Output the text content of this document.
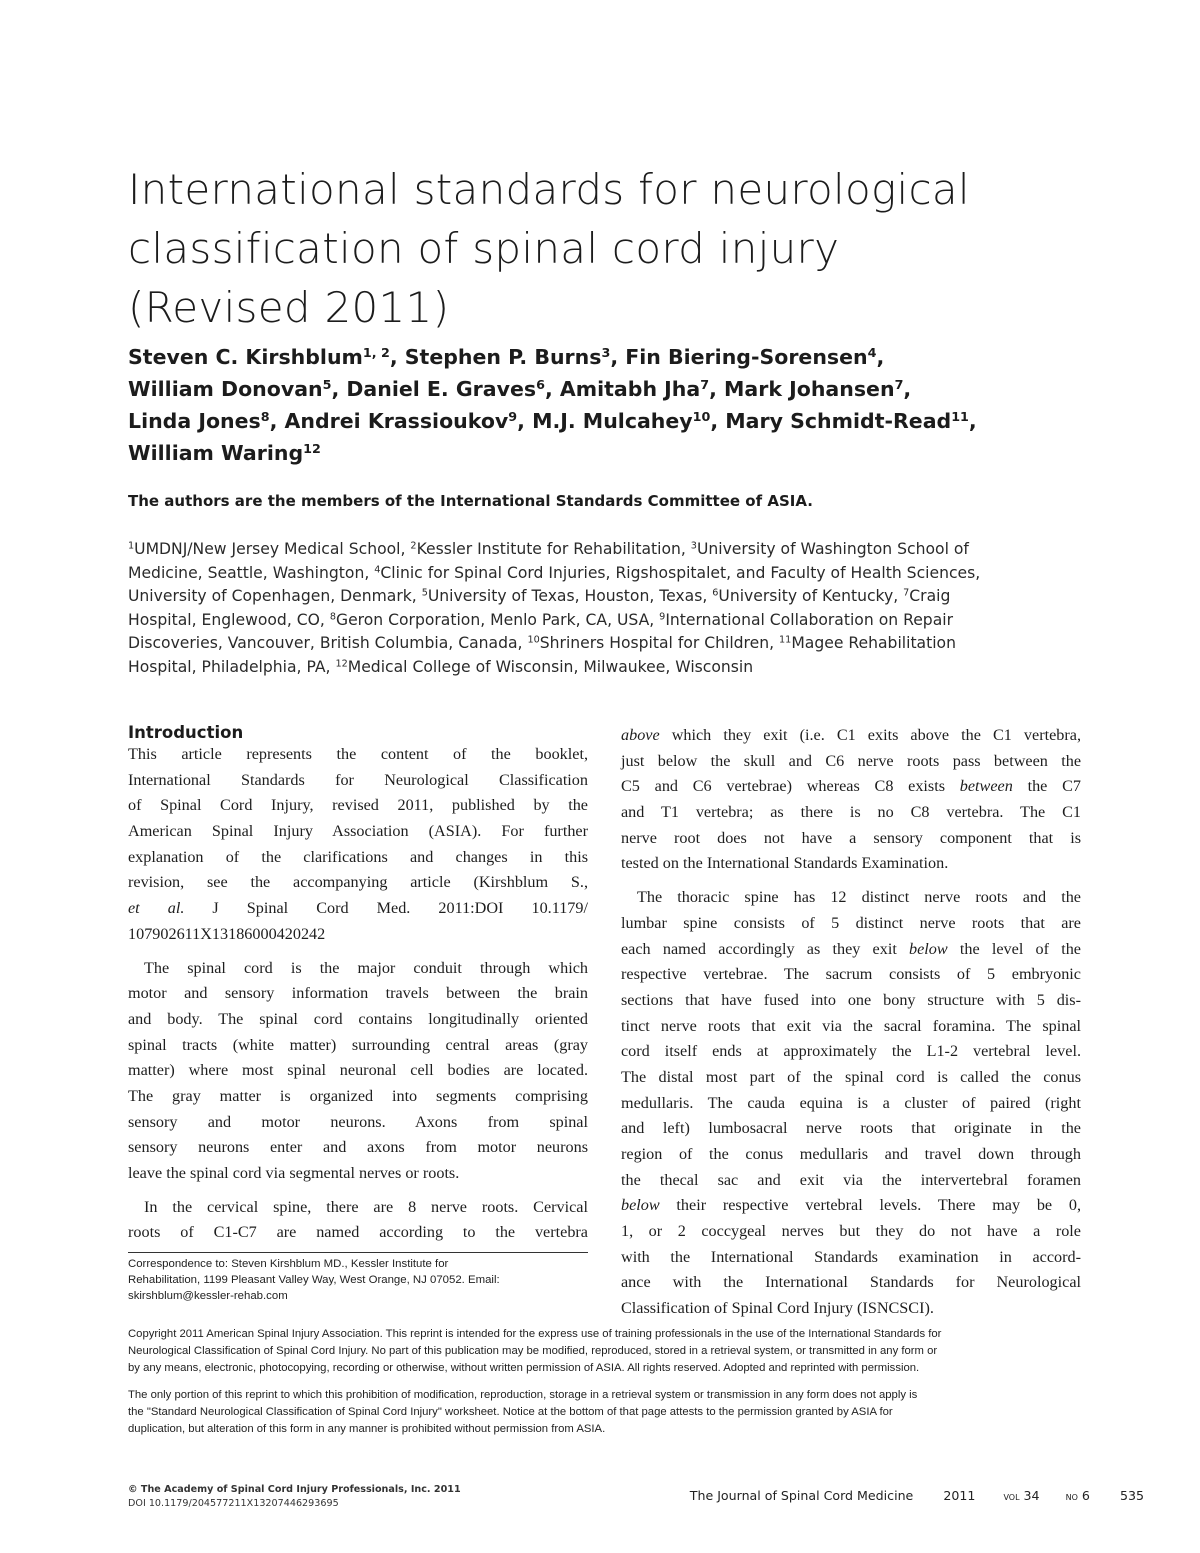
International standards for neurological
classification of spinal cord injury
(Revised 2011)
Steven C. Kirshblum$^{1, 2}$, Stephen P. Burns$^3$, Fin Biering-Sorensen$^4$,
William Donovan$^5$, Daniel E. Graves$^6$, Amitabh Jha$^7$, Mark Johansen$^7$,
Linda Jones$^8$, Andrei Krassioukov$^9$, M.J. Mulcahey$^{10}$, Mary Schmidt-Read$^{11}$,
William Waring$^{12}$
The authors are the members of the International Standards Committee of ASIA.
$^1$UMDNJ/New Jersey Medical School, $^2$Kessler Institute for Rehabilitation, $^3$University of Washington School of
Medicine, Seattle, Washington, $^4$Clinic for Spinal Cord Injuries, Rigshospitalet, and Faculty of Health Sciences,
University of Copenhagen, Denmark, $^5$University of Texas, Houston, Texas, $^6$University of Kentucky, $^7$Craig
Hospital, Englewood, CO, $^8$Geron Corporation, Menlo Park, CA, USA, $^9$International Collaboration on Repair
Discoveries, Vancouver, British Columbia, Canada, $^{10}$Shriners Hospital for Children, $^{11}$Magee Rehabilitation
Hospital, Philadelphia, PA, $^{12}$Medical College of Wisconsin, Milwaukee, Wisconsin
Introduction
This article represents the content of the booklet,
International Standards for Neurological Classification
of Spinal Cord Injury, revised 2011, published by the
American Spinal Injury Association (ASIA). For further
explanation of the clarifications and changes in this
revision, see the accompanying article (Kirshblum S.,
et al. J Spinal Cord Med. 2011:DOI 10.1179/
107902611X13186000420242
The spinal cord is the major conduit through which
motor and sensory information travels between the brain
and body. The spinal cord contains longitudinally oriented
spinal tracts (white matter) surrounding central areas (gray
matter) where most spinal neuronal cell bodies are located.
The gray matter is organized into segments comprising
sensory and motor neurons. Axons from spinal
sensory neurons enter and axons from motor neurons
leave the spinal cord via segmental nerves or roots.
In the cervical spine, there are 8 nerve roots. Cervical
roots of C1-C7 are named according to the vertebra
above which they exit (i.e. C1 exits above the C1 vertebra,
just below the skull and C6 nerve roots pass between the
C5 and C6 vertebrae) whereas C8 exists between the C7
and T1 vertebra; as there is no C8 vertebra. The C1
nerve root does not have a sensory component that is
tested on the International Standards Examination.
The thoracic spine has 12 distinct nerve roots and the
lumbar spine consists of 5 distinct nerve roots that are
each named accordingly as they exit below the level of the
respective vertebrae. The sacrum consists of 5 embryonic
sections that have fused into one bony structure with 5 dis-
tinct nerve roots that exit via the sacral foramina. The spinal
cord itself ends at approximately the L1-2 vertebral level.
The distal most part of the spinal cord is called the conus
medullaris. The cauda equina is a cluster of paired (right
and left) lumbosacral nerve roots that originate in the
region of the conus medullaris and travel down through
the thecal sac and exit via the intervertebral foramen
below their respective vertebral levels. There may be 0,
1, or 2 coccygeal nerves but they do not have a role
with the International Standards examination in accord-
ance with the International Standards for Neurological
Classification of Spinal Cord Injury (ISNCSCI).
Correspondence to: Steven Kirshblum MD., Kessler Institute for
Rehabilitation, 1199 Pleasant Valley Way, West Orange, NJ 07052. Email:
skirshblum@kessler-rehab.com
Copyright 2011 American Spinal Injury Association. This reprint is intended for the express use of training professionals in the use of the International Standards for
Neurological Classification of Spinal Cord Injury. No part of this publication may be modified, reproduced, stored in a retrieval system, or transmitted in any form or
by any means, electronic, photocopying, recording or otherwise, without written permission of ASIA. All rights reserved. Adopted and reprinted with permission.
The only portion of this reprint to which this prohibition of modification, reproduction, storage in a retrieval system or transmission in any form does not apply is
the "Standard Neurological Classification of Spinal Cord Injury" worksheet. Notice at the bottom of that page attests to the permission granted by ASIA for
duplication, but alteration of this form in any manner is prohibited without permission from ASIA.
© The Academy of Spinal Cord Injury Professionals, Inc. 2011
DOI 10.1179/204577211X13207446293695
The Journal of Spinal Cord Medicine 2011	vol 34 no 6 535
